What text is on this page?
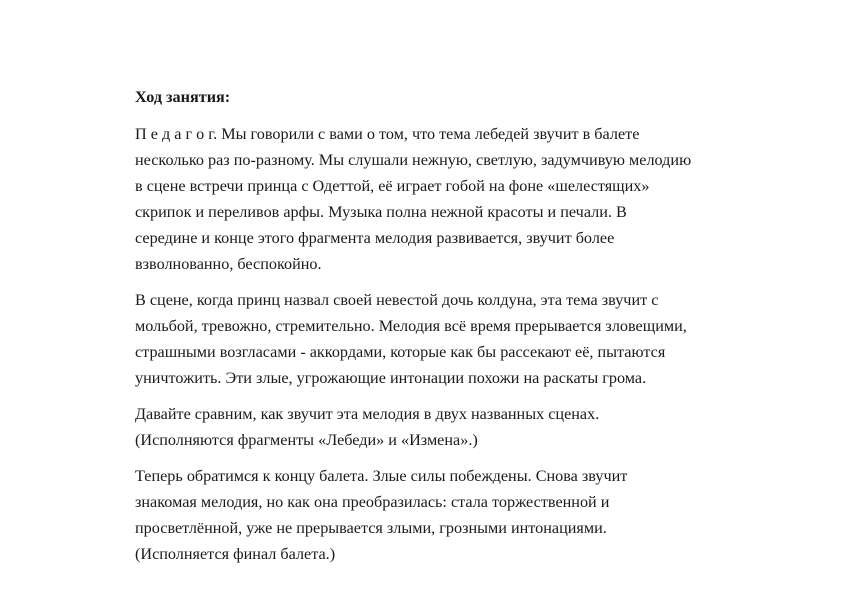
Ход занятия:

П е д а г о г. Мы говорили с вами о том, что тема лебедей звучит в балете
несколько раз по-разному. Мы слушали нежную, светлую, задумчивую мелодию
в сцене встречи принца с Одеттой, её играет гобой на фоне «шелестящих»
скрипок и переливов арфы. Музыка полна нежной красоты и печали. В
середине и конце этого фрагмента мелодия развивается, звучит более
взволнованно, беспокойно.

В сцене, когда принц назвал своей невестой дочь колдуна, эта тема звучит с
мольбой, тревожно, стремительно. Мелодия всё время прерывается зловещими,
страшными возгласами - аккордами, которые как бы рассекают её, пытаются
уничтожить. Эти злые, угрожающие интонации похожи на раскаты грома.

Давайте сравним, как звучит эта мелодия в двух названных сценах.
(Исполняются фрагменты «Лебеди» и «Измена».)

Теперь обратимся к концу балета. Злые силы побеждены. Снова звучит
знакомая мелодия, но как она преобразилась: стала торжественной и
просветлённой, уже не прерывается злыми, грозными интонациями.
(Исполняется финал балета.)
